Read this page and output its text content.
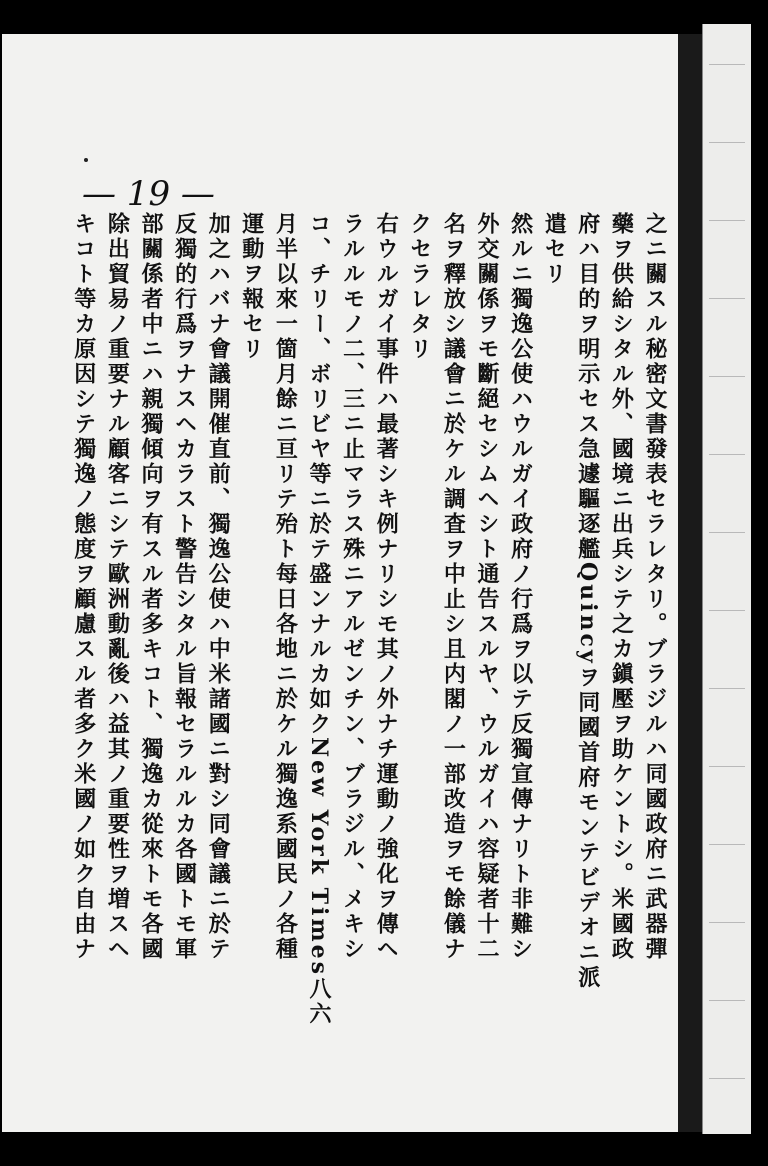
— 19 —
之ニ關スル秘密文書發表セラレタリ。ブラジルハ同國政府ニ武器彈
藥ヲ供給シタル外、國境ニ出兵シテ之カ鎭壓ヲ助ケントシ。米國政
府ハ目的ヲ明示セス急遽驅逐艦Quincyヲ同國首府モンテビデオニ派
遣セリ
然ルニ獨逸公使ハウルガイ政府ノ行爲ヲ以テ反獨宣傳ナリト非難シ
外交關係ヲモ斷絕セシムヘシト通告スルヤ、ウルガイハ容疑者十二
名ヲ釋放シ議會ニ於ケル調査ヲ中止シ且内閣ノ一部改造ヲモ餘儀ナ
クセラレタリ
右ウルガイ事件ハ最著シキ例ナリシモ其ノ外ナチ運動ノ強化ヲ傳ヘ
ラルルモノ二、三ニ止マラス殊ニアルゼンチン、ブラジル、メキシ
コ、チリー、ボリビヤ等ニ於テ盛ンナルカ如クNew York Times八六
月半以來一箇月餘ニ亘リテ殆ト每日各地ニ於ケル獨逸系國民ノ各種
運動ヲ報セリ
加之ハバナ會議開催直前、獨逸公使ハ中米諸國ニ對シ同會議ニ於テ
反獨的行爲ヲナスヘカラスト警告シタル旨報セラルルカ各國トモ軍
部關係者中ニハ親獨傾向ヲ有スル者多キコト、獨逸カ從來トモ各國
除出貿易ノ重要ナル顧客ニシテ歐洲動亂後ハ益其ノ重要性ヲ増スヘ
キコト等カ原因シテ獨逸ノ態度ヲ顧慮スル者多ク米國ノ如ク自由ナ
